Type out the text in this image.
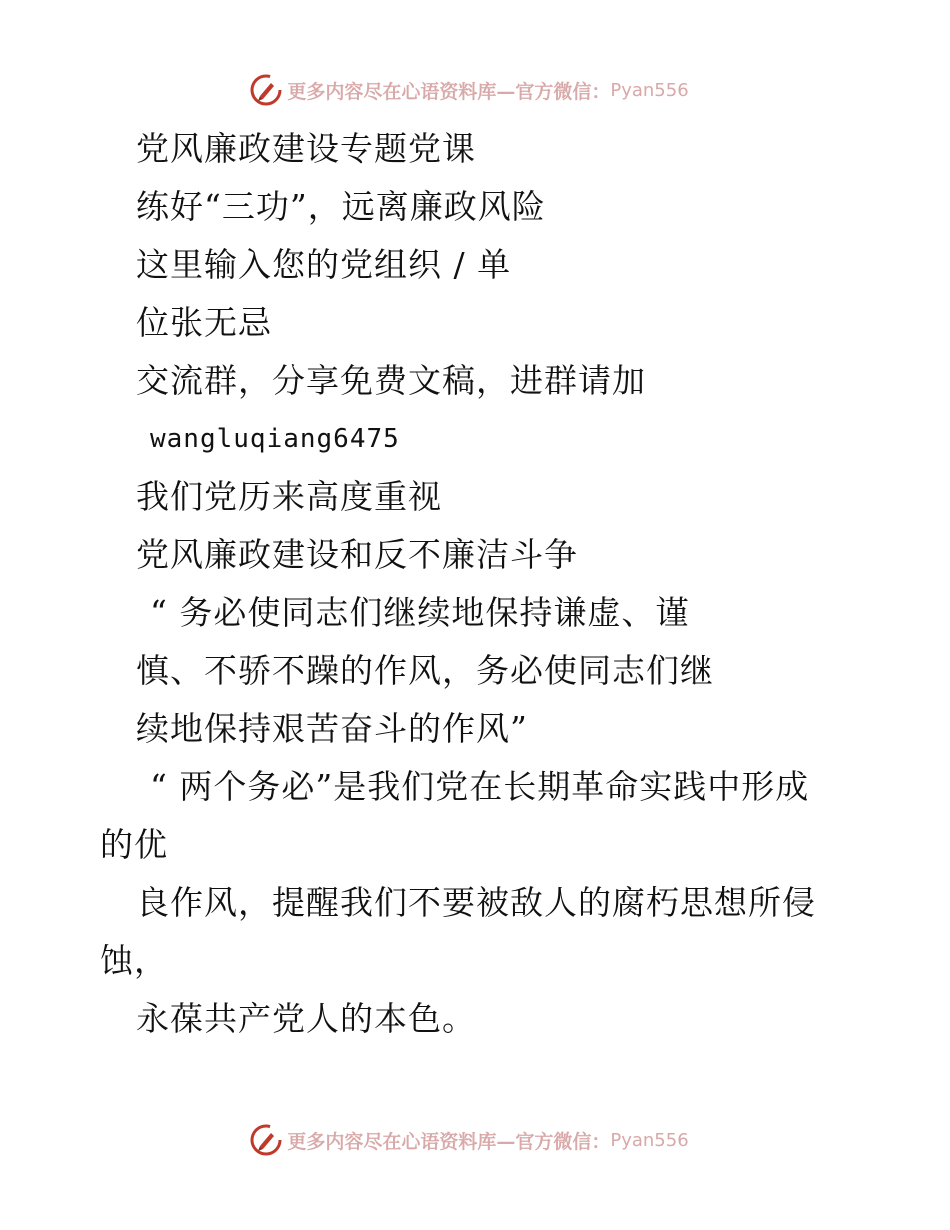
更多内容尽在心语资料库—官方微信： Pyan556
党风廉政建设专题党课
练好“三功”，远离廉政风险
这里输入您的党组织 / 单
位张无忌
交流群，分享免费文稿，进群请加
wangluqiang6475
我们党历来高度重视
党风廉政建设和反不廉洁斗争
“ 务必使同志们继续地保持谦虚、谨
慎、不骄不躁的作风，务必使同志们继
续地保持艰苦奋斗的作风”
“ 两个务必”是我们党在长期革命实践中形成
的优
良作风，提醒我们不要被敌人的腐朽思想所侵
蚀，
永葆共产党人的本色。
更多内容尽在心语资料库—官方微信： Pyan556
